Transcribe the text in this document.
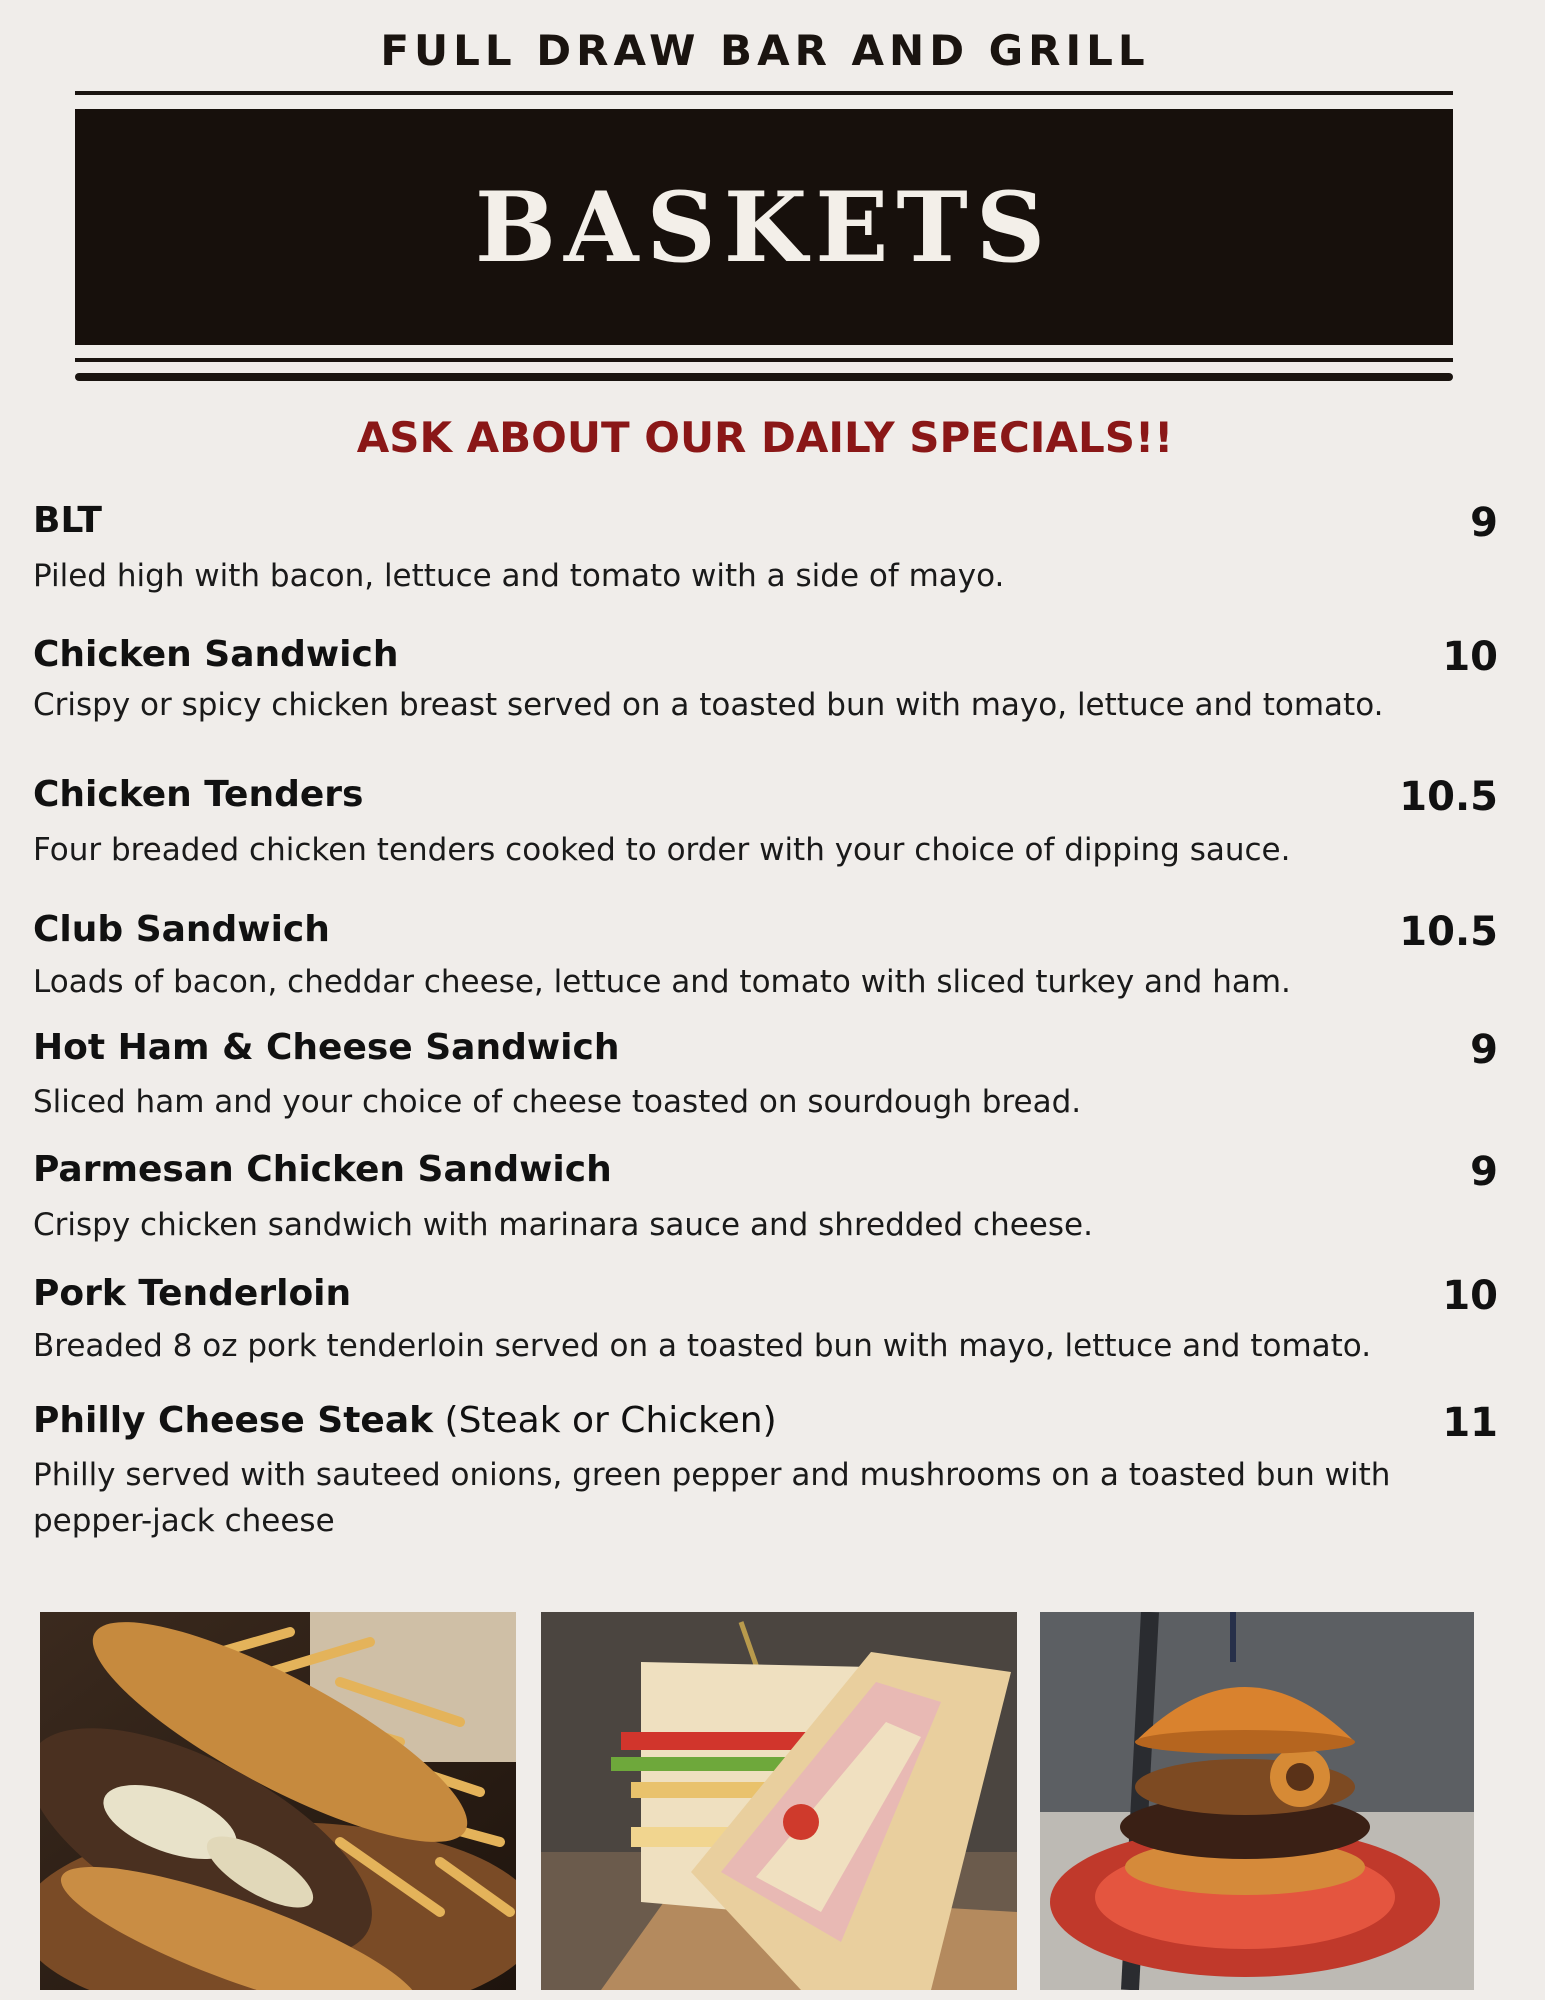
FULL DRAW BAR AND GRILL
BASKETS
ASK ABOUT OUR DAILY SPECIALS!!
BLT	9
Piled high with bacon, lettuce and tomato with a side of mayo.
Chicken Sandwich	10
Crispy or spicy chicken breast served on a toasted bun with mayo, lettuce and tomato.
Chicken Tenders	10.5
Four breaded chicken tenders cooked to order with your choice of dipping sauce.
Club Sandwich	10.5
Loads of bacon, cheddar cheese, lettuce and tomato with sliced turkey and ham.
Hot Ham & Cheese Sandwich	9
Sliced ham and your choice of cheese toasted on sourdough bread.
Parmesan Chicken Sandwich	9
Crispy chicken sandwich with marinara sauce and shredded cheese.
Pork Tenderloin	10
Breaded 8 oz pork tenderloin served on a toasted bun with mayo, lettuce and tomato.
Philly Cheese Steak (Steak or Chicken)	11
Philly served with sauteed onions, green pepper and mushrooms on a toasted bun with pepper-jack cheese
